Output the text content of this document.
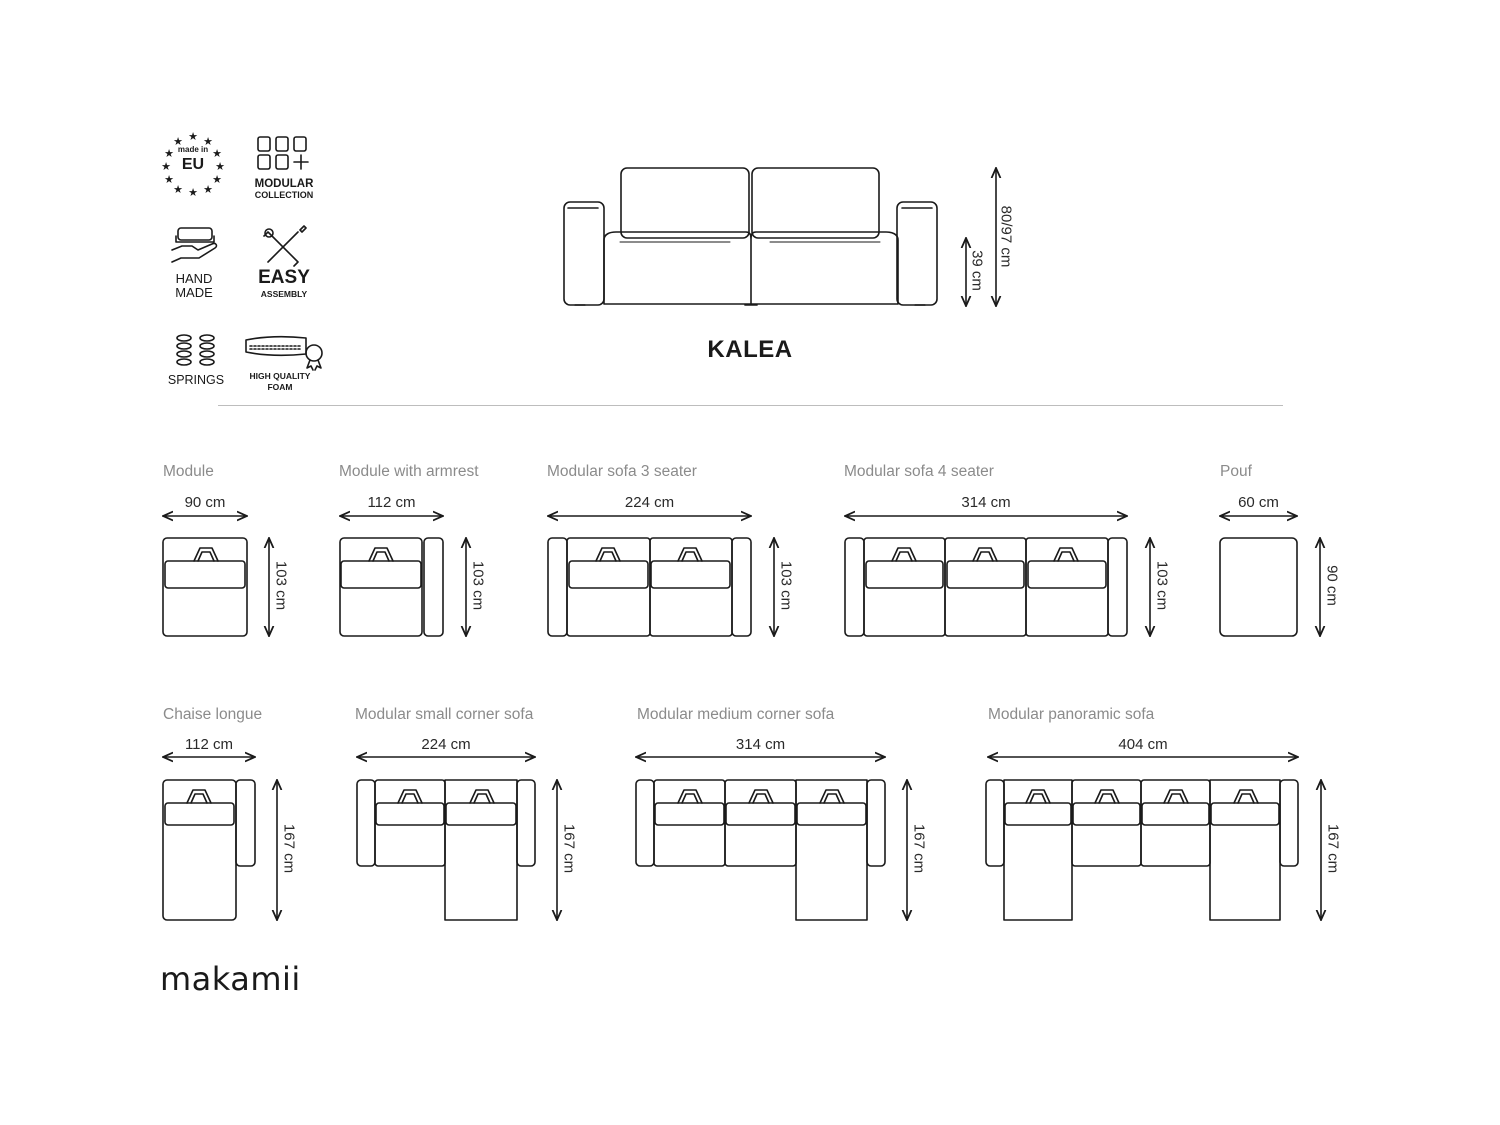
★ ★
★
★
★
★
★
★
★
★
★
★
made in
EU
MODULAR
COLLECTION
HAND
MADE
EASY
ASSEMBLY
SPRINGS	HIGH QUALITY
FOAM
KALEA
80/97 cm
39 cm
Module
90 cm
103 cm
Module with armrest
112 cm
103 cm
Modular sofa 3 seater
224 cm
103 cm
Modular sofa 4 seater
314 cm
103 cm
Pouf
60 cm
90 cm
Chaise longue
112 cm
167 cm
Modular small corner sofa
224 cm
167 cm
Modular medium corner sofa
314 cm
167 cm
Modular panoramic sofa
404 cm
167 cm
makamii
